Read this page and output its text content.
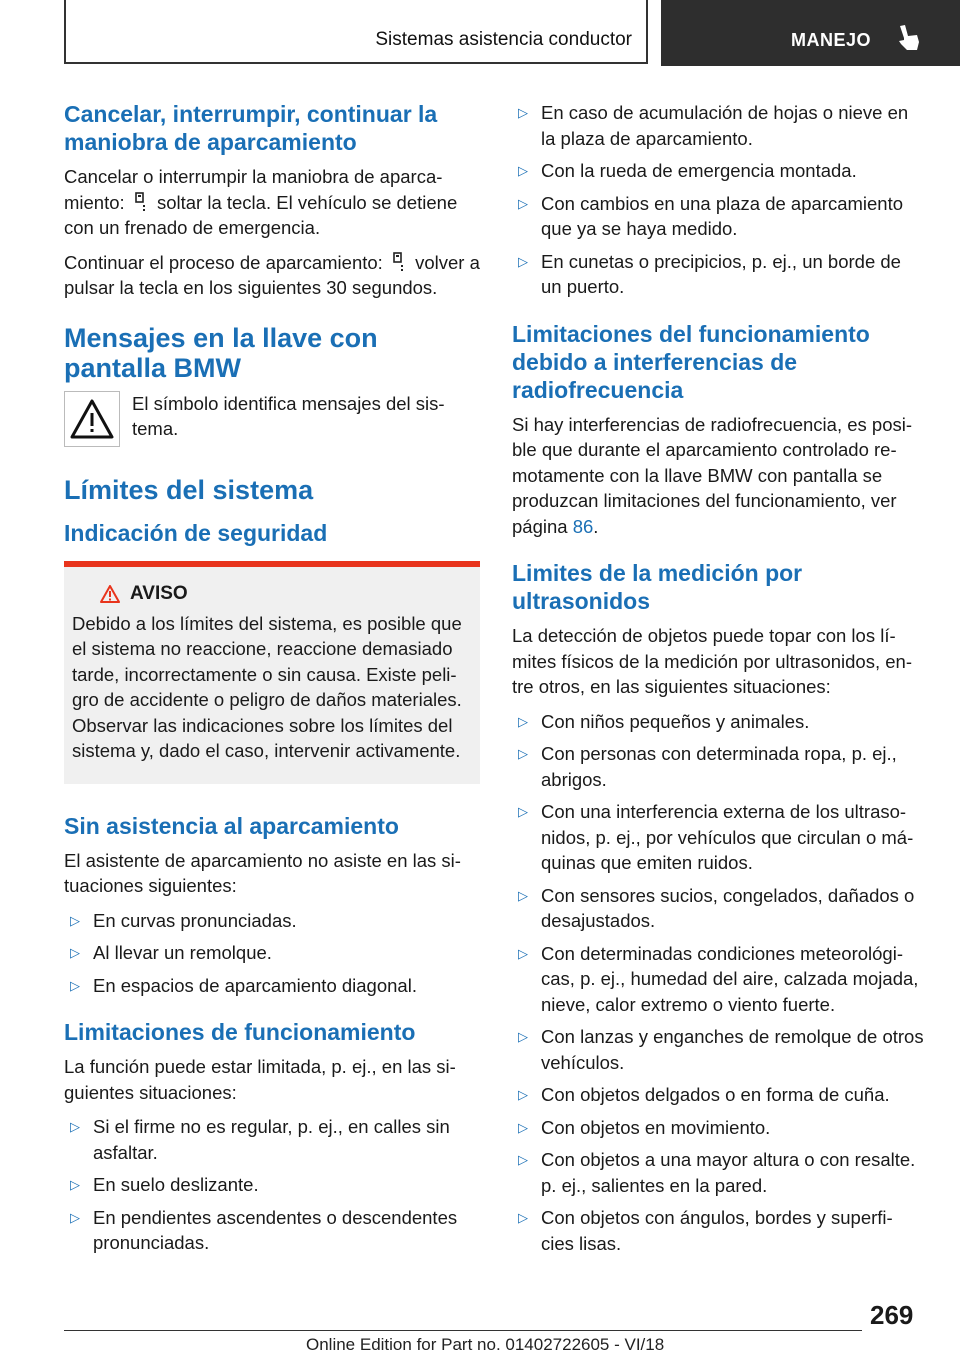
Sistemas asistencia conductor	MANEJO
Cancelar, interrumpir, continuar la maniobra de aparcamiento

Cancelar o interrumpir la maniobra de aparca‐ miento: soltar la tecla. El vehículo se detiene con un frenado de emergencia.

Continuar el proceso de aparcamiento: volver a pulsar la tecla en los siguientes 30 segundos.

Mensajes en la llave con pantalla BMW

El símbolo identifica mensajes del sis‐ tema.

Límites del sistema
Indicación de seguridad
AVISO

Debido a los límites del sistema, es posible que el sistema no reaccione, reaccione demasiado tarde, incorrectamente o sin causa. Existe peli‐ gro de accidente o peligro de daños materiales. Observar las indicaciones sobre los límites del sistema y, dado el caso, intervenir activamente.

Sin asistencia al aparcamiento

El asistente de aparcamiento no asiste en las si‐ tuaciones siguientes:

▷ En curvas pronunciadas.
▷ Al llevar un remolque.
▷ En espacios de aparcamiento diagonal.
Limitaciones de funcionamiento

La función puede estar limitada, p. ej., en las si‐ guientes situaciones:

▷ Si el firme no es regular, p. ej., en calles sin asfaltar.
▷ En suelo deslizante.
▷ En pendientes ascendentes o descendentes pronunciadas.
▷ En caso de acumulación de hojas o nieve en la plaza de aparcamiento.
▷ Con la rueda de emergencia montada.
▷ Con cambios en una plaza de aparcamiento que ya se haya medido.
▷ En cunetas o precipicios, p. ej., un borde de un puerto.
Limitaciones del funcionamiento debido a interferencias de radiofrecuencia

Si hay interferencias de radiofrecuencia, es posi‐ ble que durante el aparcamiento controlado re‐ motamente con la llave BMW con pantalla se produzcan limitaciones del funcionamiento, ver página 86.

Limites de la medición por ultrasonidos

La detección de objetos puede topar con los lí‐ mites físicos de la medición por ultrasonidos, en‐ tre otros, en las siguientes situaciones:

▷ Con niños pequeños y animales.
▷ Con personas con determinada ropa, p. ej., abrigos.
▷ Con una interferencia externa de los ultraso‐ nidos, p. ej., por vehículos que circulan o má‐ quinas que emiten ruidos.
▷ Con sensores sucios, congelados, dañados o desajustados.
▷ Con determinadas condiciones meteorológi‐ cas, p. ej., humedad del aire, calzada mojada, nieve, calor extremo o viento fuerte.
▷ Con lanzas y enganches de remolque de otros vehículos.
▷ Con objetos delgados o en forma de cuña.
▷ Con objetos en movimiento.
▷ Con objetos a una mayor altura o con resalte. p. ej., salientes en la pared.
▷ Con objetos con ángulos, bordes y superfi‐ cies lisas.
269
Online Edition for Part no. 01402722605 - VI/18
